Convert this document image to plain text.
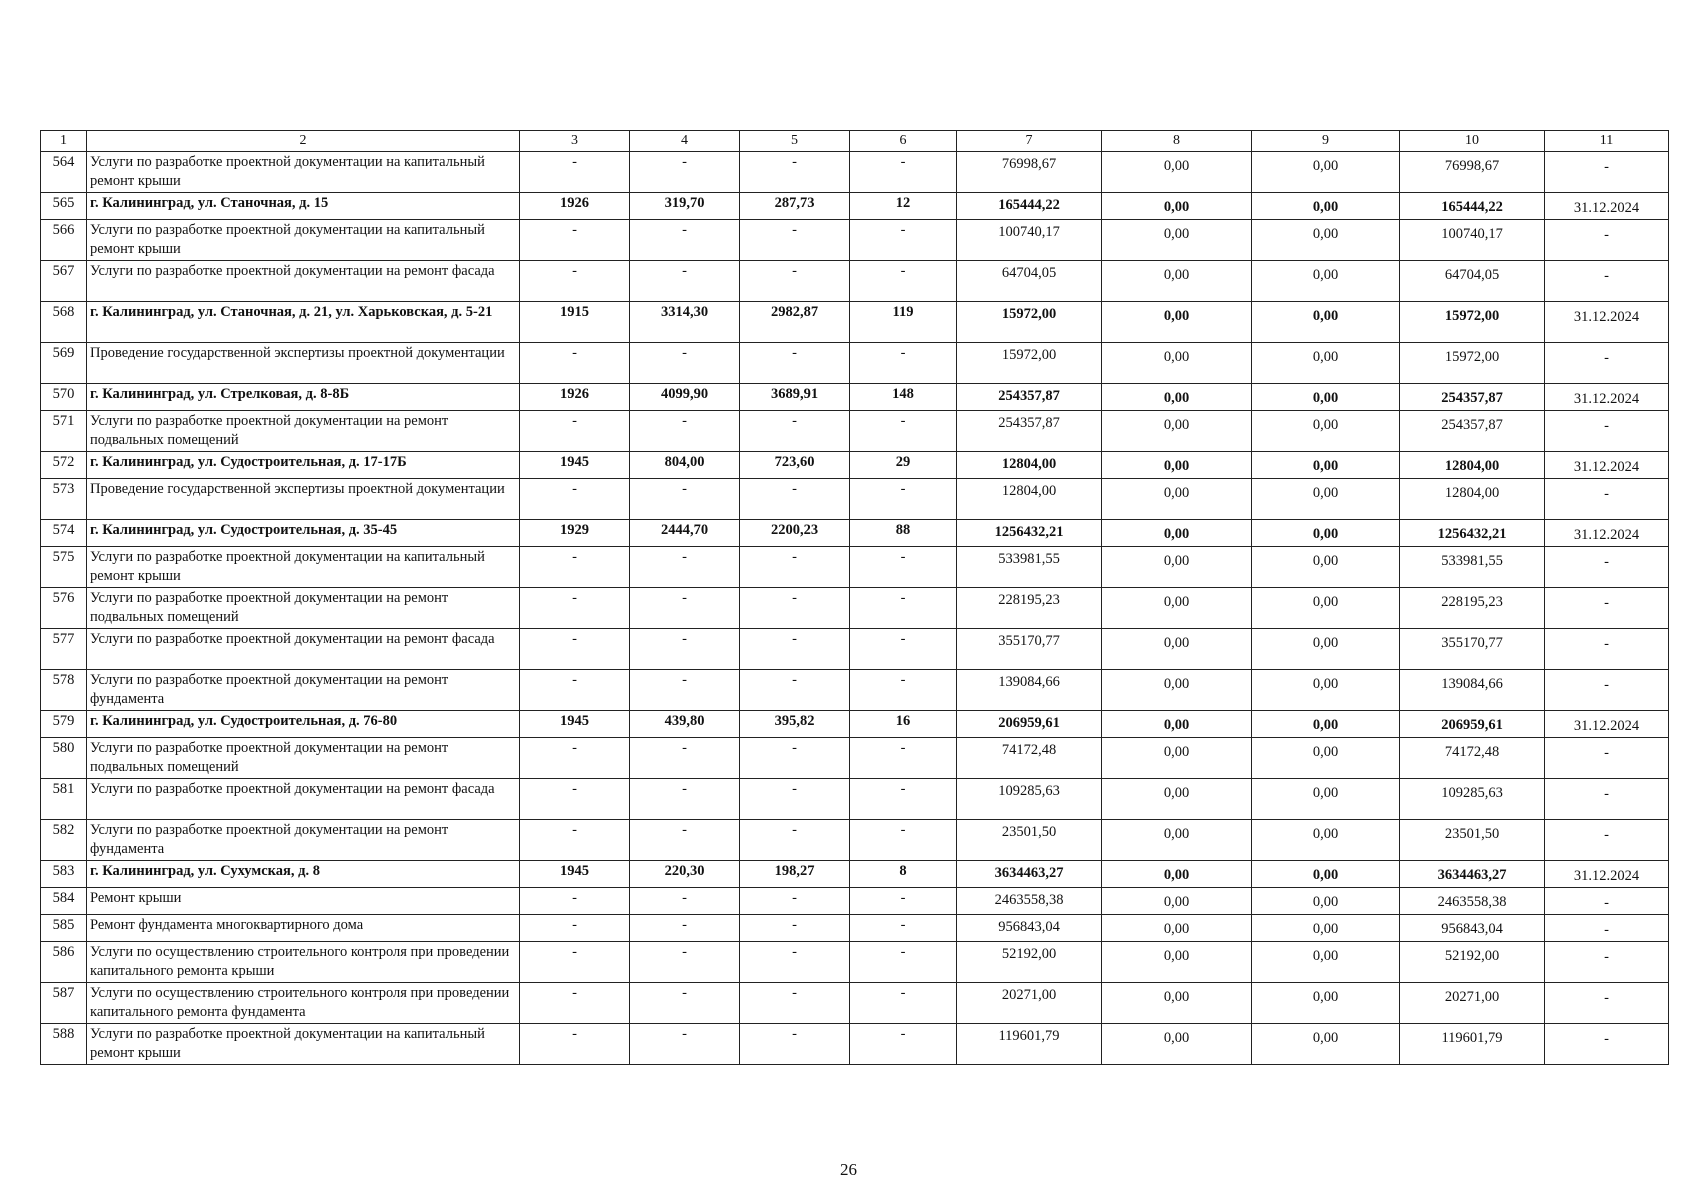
1	2	3	4	5	6	7	8	9	10	11
564	Услуги по разработке проектной документации на капитальный ремонт крыши	-	-	-	-	76998,67	0,00	0,00	76998,67	-
565	г. Калининград, ул. Станочная, д. 15	1926	319,70	287,73	12	165444,22	0,00	0,00	165444,22	31.12.2024
566	Услуги по разработке проектной документации на капитальный ремонт крыши	-	-	-	-	100740,17	0,00	0,00	100740,17	-
567	Услуги по разработке проектной документации на ремонт фасада	-	-	-	-	64704,05	0,00	0,00	64704,05	-
568	г. Калининград, ул. Станочная, д. 21, ул. Харьковская, д. 5-21	1915	3314,30	2982,87	119	15972,00	0,00	0,00	15972,00	31.12.2024
569	Проведение государственной экспертизы проектной документации	-	-	-	-	15972,00	0,00	0,00	15972,00	-
570	г. Калининград, ул. Стрелковая, д. 8-8Б	1926	4099,90	3689,91	148	254357,87	0,00	0,00	254357,87	31.12.2024
571	Услуги по разработке проектной документации на ремонт подвальных помещений	-	-	-	-	254357,87	0,00	0,00	254357,87	-
572	г. Калининград, ул. Судостроительная, д. 17-17Б	1945	804,00	723,60	29	12804,00	0,00	0,00	12804,00	31.12.2024
573	Проведение государственной экспертизы проектной документации	-	-	-	-	12804,00	0,00	0,00	12804,00	-
574	г. Калининград, ул. Судостроительная, д. 35-45	1929	2444,70	2200,23	88	1256432,21	0,00	0,00	1256432,21	31.12.2024
575	Услуги по разработке проектной документации на капитальный ремонт крыши	-	-	-	-	533981,55	0,00	0,00	533981,55	-
576	Услуги по разработке проектной документации на ремонт подвальных помещений	-	-	-	-	228195,23	0,00	0,00	228195,23	-
577	Услуги по разработке проектной документации на ремонт фасада	-	-	-	-	355170,77	0,00	0,00	355170,77	-
578	Услуги по разработке проектной документации на ремонт фундамента	-	-	-	-	139084,66	0,00	0,00	139084,66	-
579	г. Калининград, ул. Судостроительная, д. 76-80	1945	439,80	395,82	16	206959,61	0,00	0,00	206959,61	31.12.2024
580	Услуги по разработке проектной документации на ремонт подвальных помещений	-	-	-	-	74172,48	0,00	0,00	74172,48	-
581	Услуги по разработке проектной документации на ремонт фасада	-	-	-	-	109285,63	0,00	0,00	109285,63	-
582	Услуги по разработке проектной документации на ремонт фундамента	-	-	-	-	23501,50	0,00	0,00	23501,50	-
583	г. Калининград, ул. Сухумская, д. 8	1945	220,30	198,27	8	3634463,27	0,00	0,00	3634463,27	31.12.2024
584	Ремонт крыши	-	-	-	-	2463558,38	0,00	0,00	2463558,38	-
585	Ремонт фундамента многоквартирного дома	-	-	-	-	956843,04	0,00	0,00	956843,04	-
586	Услуги по осуществлению строительного контроля при проведении капитального ремонта крыши	-	-	-	-	52192,00	0,00	0,00	52192,00	-
587	Услуги по осуществлению строительного контроля при проведении капитального ремонта фундамента	-	-	-	-	20271,00	0,00	0,00	20271,00	-
588	Услуги по разработке проектной документации на капитальный ремонт крыши	-	-	-	-	119601,79	0,00	0,00	119601,79	-
26
